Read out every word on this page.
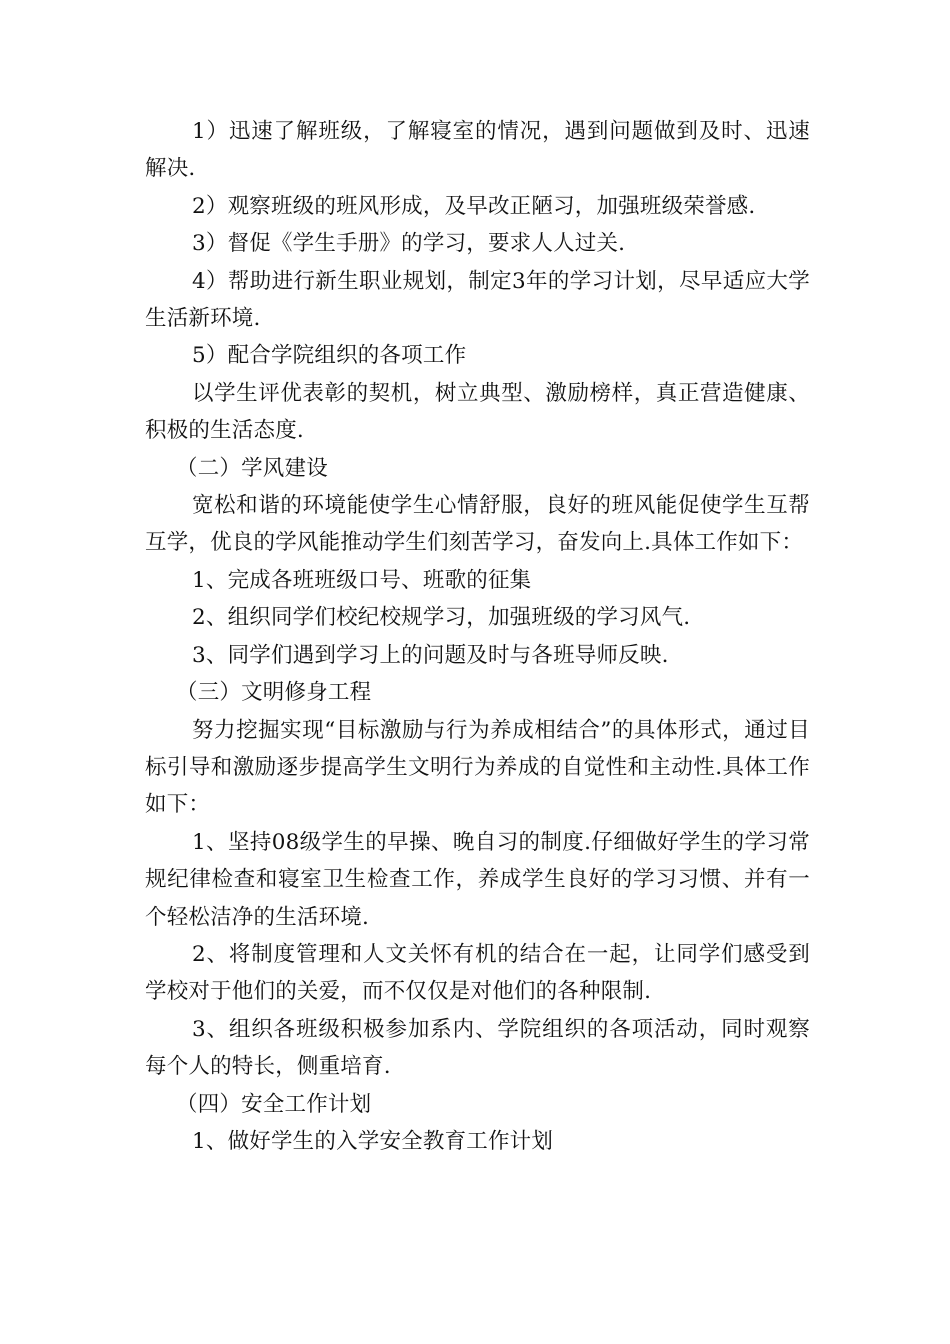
1）迅速了解班级，了解寝室的情况，遇到问题做到及时、迅速解决.

2）观察班级的班风形成，及早改正陋习，加强班级荣誉感.

3）督促《学生手册》的学习，要求人人过关.

4）帮助进行新生职业规划，制定3年的学习计划，尽早适应大学生活新环境.

5）配合学院组织的各项工作

以学生评优表彰的契机，树立典型、激励榜样，真正营造健康、积极的生活态度.

（二）学风建设

宽松和谐的环境能使学生心情舒服，良好的班风能促使学生互帮互学，优良的学风能推动学生们刻苦学习，奋发向上.具体工作如下：

1、完成各班班级口号、班歌的征集

2、组织同学们校纪校规学习，加强班级的学习风气.

3、同学们遇到学习上的问题及时与各班导师反映.

（三）文明修身工程

努力挖掘实现“目标激励与行为养成相结合”的具体形式，通过目标引导和激励逐步提高学生文明行为养成的自觉性和主动性.具体工作如下：

1、坚持08级学生的早操、晚自习的制度.仔细做好学生的学习常规纪律检查和寝室卫生检查工作，养成学生良好的学习习惯、并有一个轻松洁净的生活环境.

2、将制度管理和人文关怀有机的结合在一起，让同学们感受到学校对于他们的关爱，而不仅仅是对他们的各种限制.

3、组织各班级积极参加系内、学院组织的各项活动，同时观察每个人的特长，侧重培育.

（四）安全工作计划

1、做好学生的入学安全教育工作计划
